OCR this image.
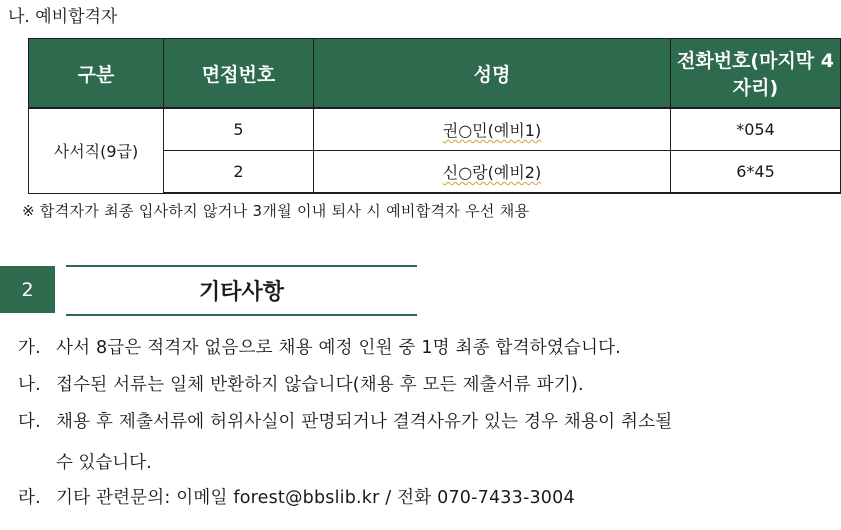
나. 예비합격자
구분	면접번호	성명	전화번호(마지막 4자리)
사서직(9급)	5	권○민(예비1)	*054
	2	신○랑(예비2)	6*45
※ 합격자가 최종 입사하지 않거나 3개월 이내 퇴사 시 예비합격자 우선 채용
2	기타사항
가. 사서 8급은 적격자 없음으로 채용 예정 인원 중 1명 최종 합격하였습니다.
나. 접수된 서류는 일체 반환하지 않습니다(채용 후 모든 제출서류 파기).
다. 채용 후 제출서류에 허위사실이 판명되거나 결격사유가 있는 경우 채용이 취소될
수 있습니다.
라. 기타 관련문의: 이메일 forest@bbslib.kr / 전화 070-7433-3004
